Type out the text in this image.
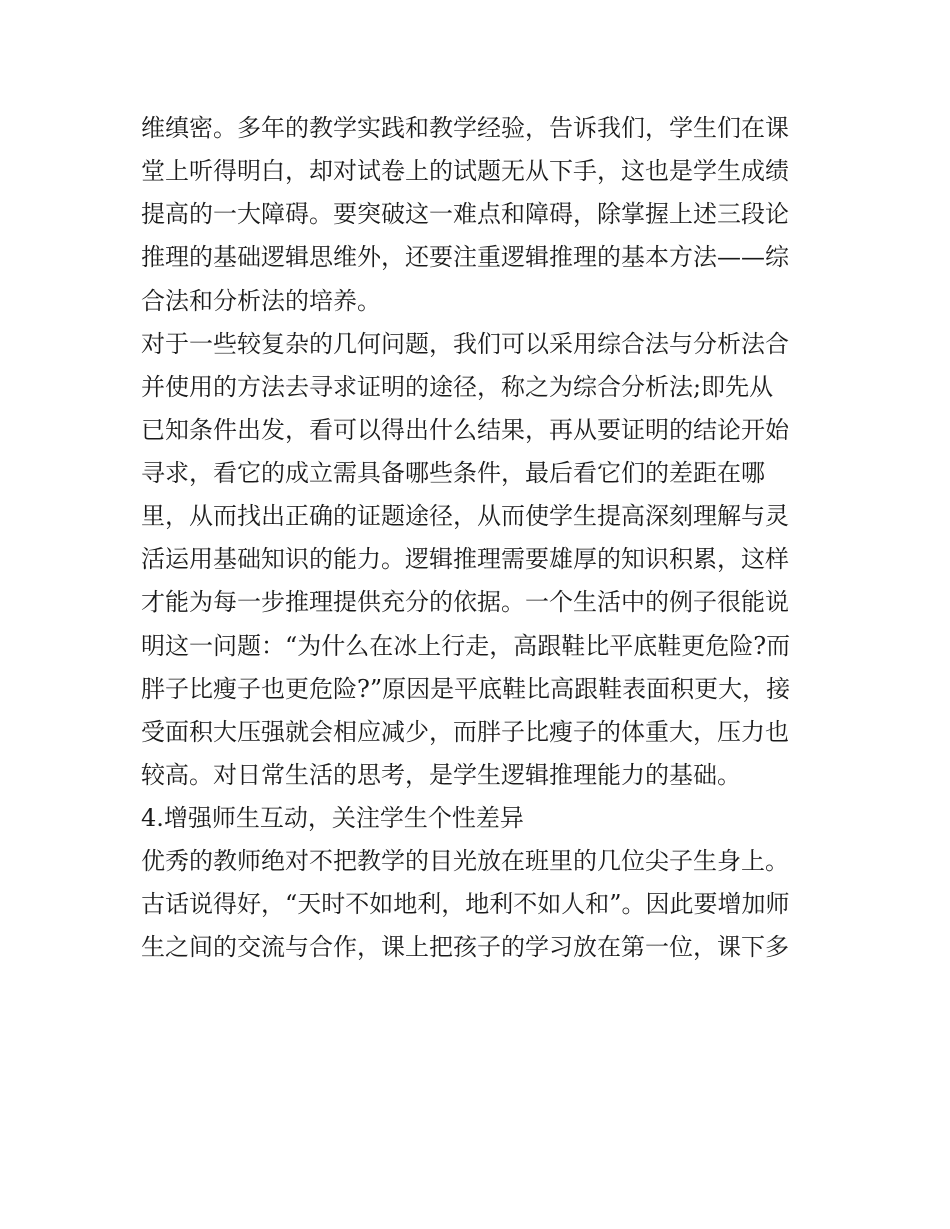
维缜密。多年的教学实践和教学经验，告诉我们，学生们在课
堂上听得明白，却对试卷上的试题无从下手，这也是学生成绩
提高的一大障碍。要突破这一难点和障碍，除掌握上述三段论
推理的基础逻辑思维外，还要注重逻辑推理的基本方法——综
合法和分析法的培养。
对于一些较复杂的几何问题，我们可以采用综合法与分析法合
并使用的方法去寻求证明的途径，称之为综合分析法;即先从
已知条件出发，看可以得出什么结果，再从要证明的结论开始
寻求，看它的成立需具备哪些条件，最后看它们的差距在哪
里，从而找出正确的证题途径，从而使学生提高深刻理解与灵
活运用基础知识的能力。逻辑推理需要雄厚的知识积累，这样
才能为每一步推理提供充分的依据。一个生活中的例子很能说
明这一问题：“为什么在冰上行走，高跟鞋比平底鞋更危险?而
胖子比瘦子也更危险?”原因是平底鞋比高跟鞋表面积更大，接
受面积大压强就会相应减少，而胖子比瘦子的体重大，压力也
较高。对日常生活的思考，是学生逻辑推理能力的基础。
4.增强师生互动，关注学生个性差异
优秀的教师绝对不把教学的目光放在班里的几位尖子生身上。
古话说得好，“天时不如地利，地利不如人和”。因此要增加师
生之间的交流与合作，课上把孩子的学习放在第一位，课下多
